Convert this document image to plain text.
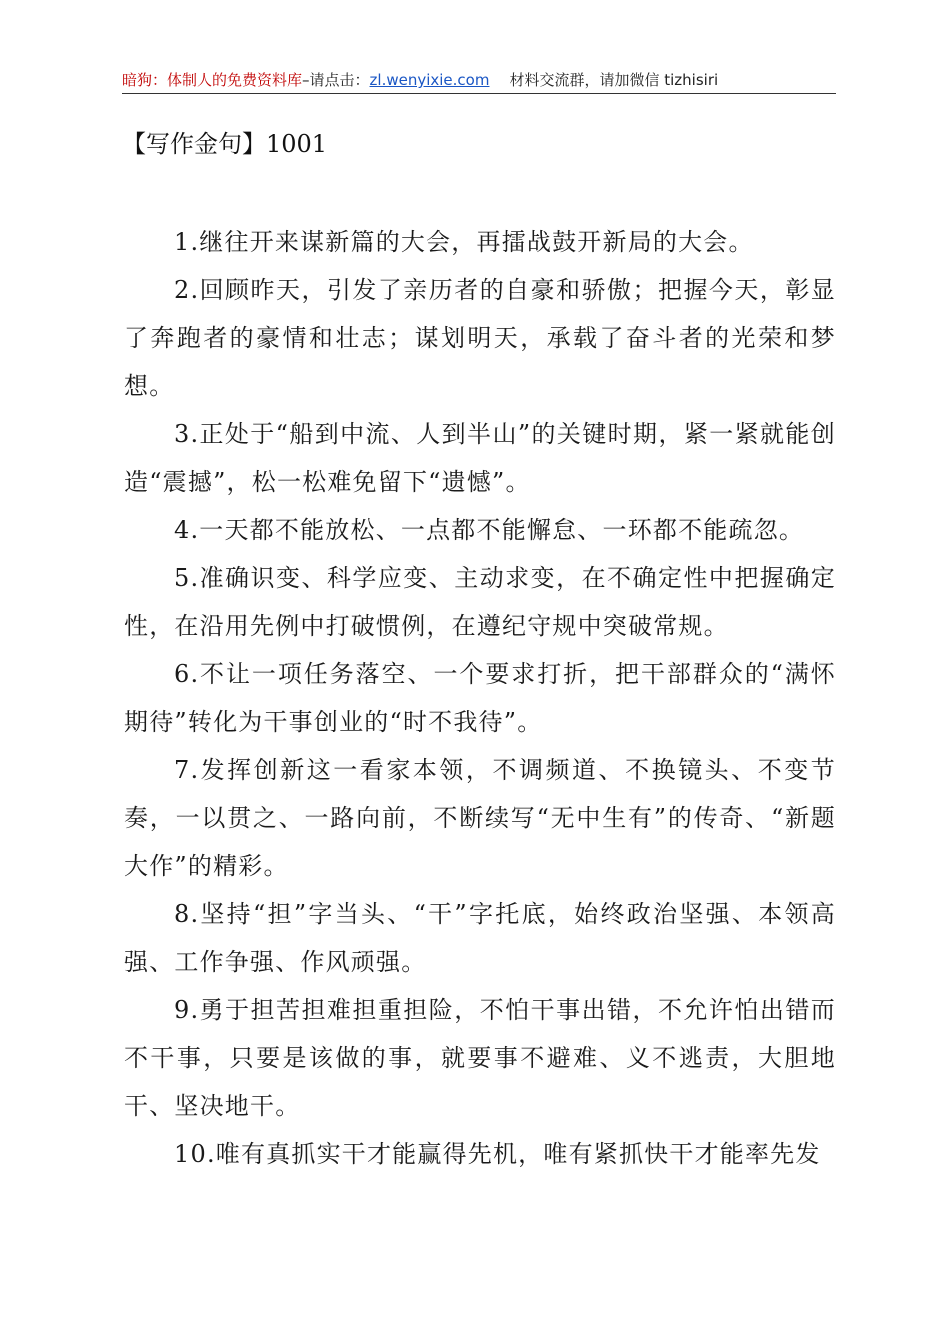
暗狗：体制人的免费资料库–请点击：zl.wenyixie.com 材料交流群，请加微信 tizhisiri
【写作金句】1001

1.继往开来谋新篇的大会，再擂战鼓开新局的大会。

2.回顾昨天，引发了亲历者的自豪和骄傲；把握今天，彰显了奔跑者的豪情和壮志；谋划明天，承载了奋斗者的光荣和梦想。

3.正处于“船到中流、人到半山”的关键时期，紧一紧就能创造“震撼”，松一松难免留下“遗憾”。

4.一天都不能放松、一点都不能懈怠、一环都不能疏忽。

5.准确识变、科学应变、主动求变，在不确定性中把握确定性，在沿用先例中打破惯例，在遵纪守规中突破常规。

6.不让一项任务落空、一个要求打折，把干部群众的“满怀期待”转化为干事创业的“时不我待”。

7.发挥创新这一看家本领，不调频道、不换镜头、不变节奏，一以贯之、一路向前，不断续写“无中生有”的传奇、“新题大作”的精彩。

8.坚持“担”字当头、“干”字托底，始终政治坚强、本领高强、工作争强、作风顽强。

9.勇于担苦担难担重担险，不怕干事出错，不允许怕出错而不干事，只要是该做的事，就要事不避难、义不逃责，大胆地干、坚决地干。

10.唯有真抓实干才能赢得先机，唯有紧抓快干才能率先发
